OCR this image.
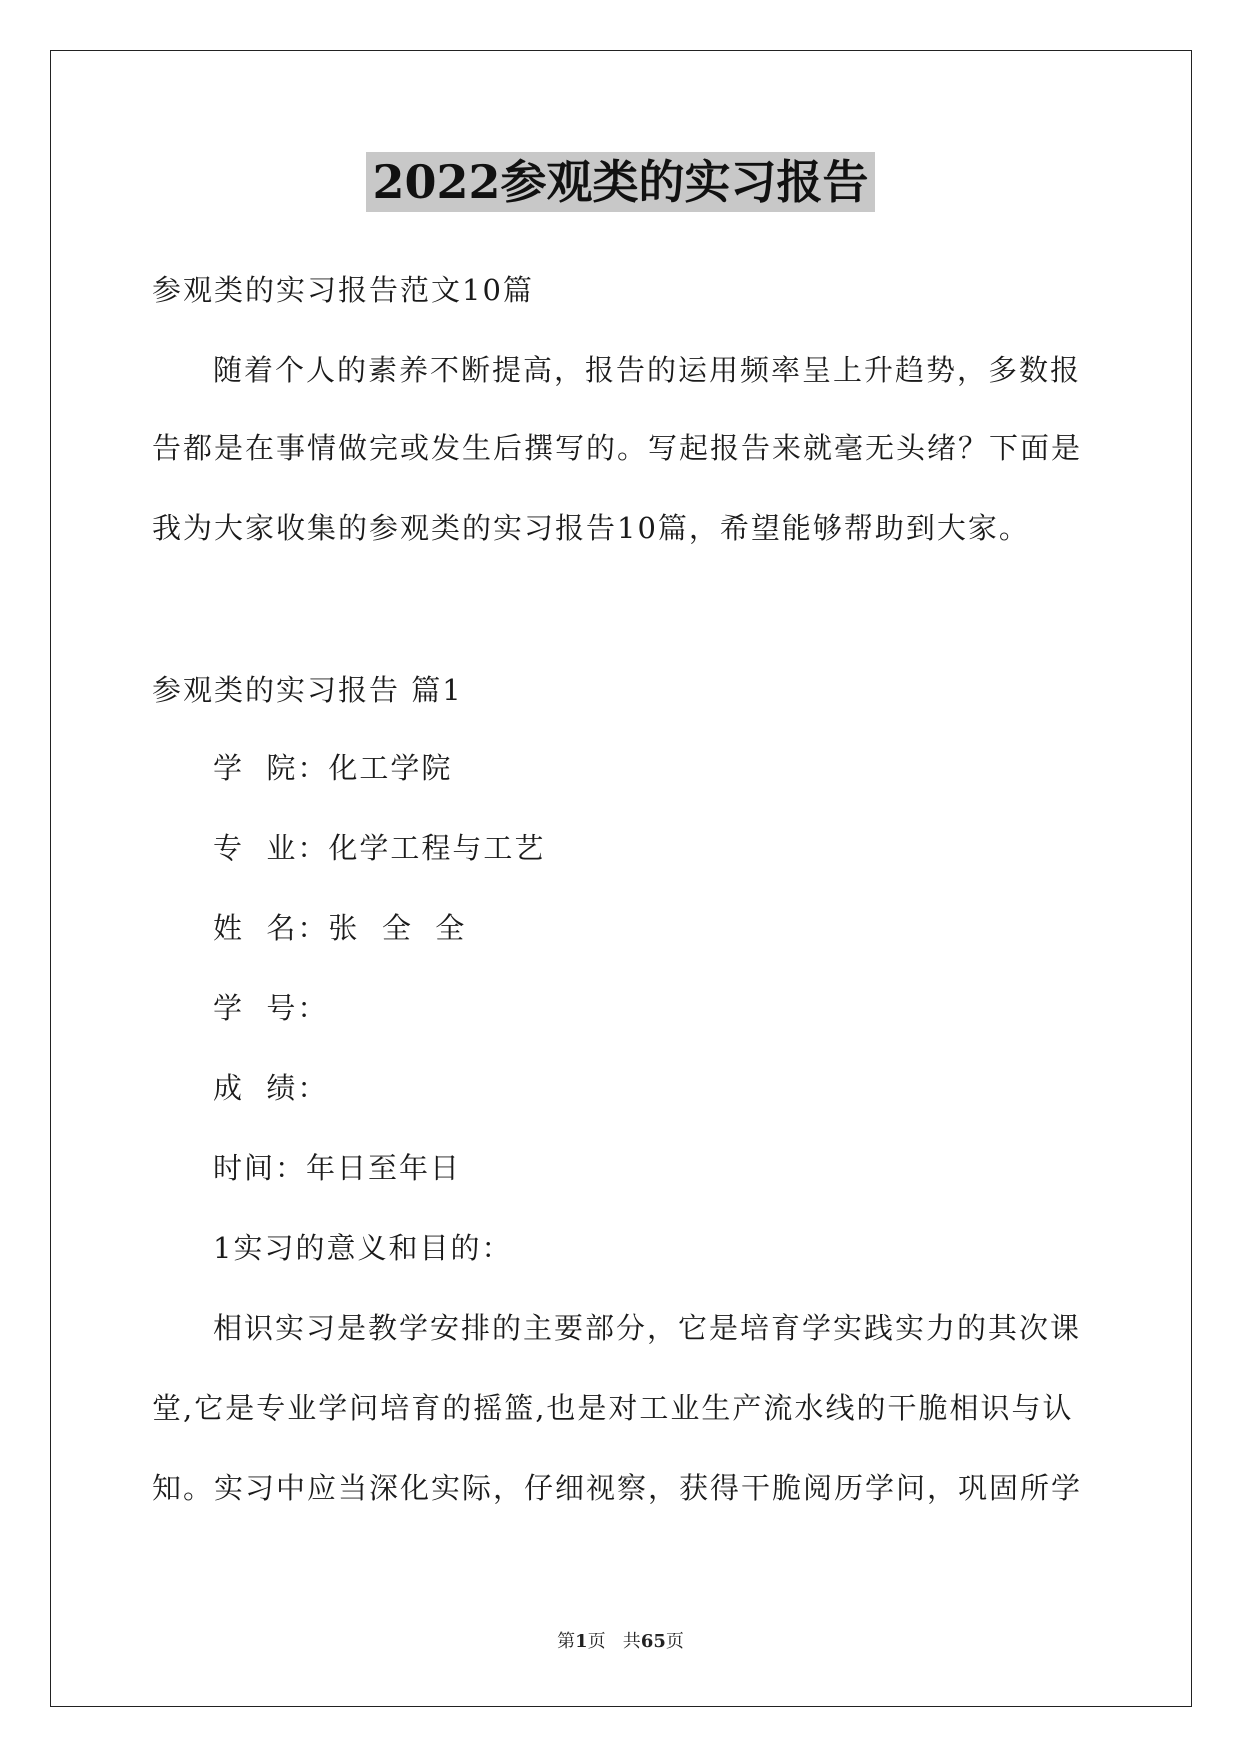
2022参观类的实习报告
参观类的实习报告范文10篇
随着个人的素养不断提高，报告的运用频率呈上升趋势，多数报
告都是在事情做完或发生后撰写的。写起报告来就毫无头绪？下面是
我为大家收集的参观类的实习报告10篇，希望能够帮助到大家。
参观类的实习报告 篇1
学  院：化工学院
专  业：化学工程与工艺
姓  名：张  全  全
学  号：
成  绩：
时间：年日至年日
1实习的意义和目的：
相识实习是教学安排的主要部分，它是培育学实践实力的其次课
堂,它是专业学问培育的摇篮,也是对工业生产流水线的干脆相识与认
知。实习中应当深化实际，仔细视察，获得干脆阅历学问，巩固所学
第1页   共65页
